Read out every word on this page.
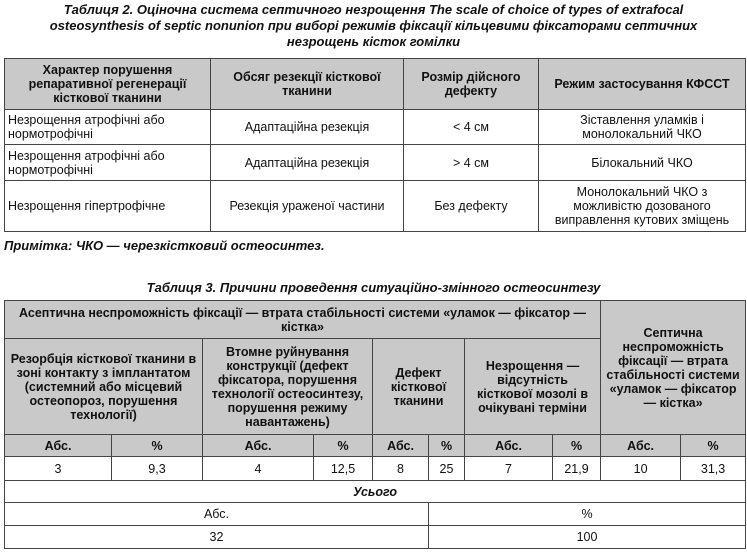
Таблиця 2. Оціночна система септичного незрощення The scale of choice of types of extrafocal

osteosynthesis of septic nonunion при виборі режимів фіксації кільцевими фіксаторами септичних

незрощень кісток гомілки

Характер порушення репаративної регенерації кісткової тканини	Обсяг резекції кісткової тканини	Розмір дійсного дефекту	Режим застосування КФССТ
Незрощення атрофічні або нормотрофічні	Адаптаційна резекція	< 4 см	Зіставлення уламків і монолокальний ЧКО
Незрощення атрофічні або нормотрофічні	Адаптаційна резекція	> 4 см	Білокальний ЧКО
Незрощення гіпертрофічне	Резекція ураженої частини	Без дефекту	Монолокальний ЧКО з можливістю дозованого виправлення кутових зміщень
Примітка: ЧКО — черезкістковий остеосинтез.

Таблиця 3. Причини проведення ситуаційно-змінного остеосинтезу

Асептична неспроможність фіксації — втрата стабільності системи «уламок — фіксатор — кістка»								Септична неспроможність фіксації — втрата стабільності системи «уламок — фіксатор — кістка»	
Резорбція кісткової тканини в зоні контакту з імплантатом (системний або місцевий остеопороз, порушення технології)		Втомне руйнування конструкції (дефект фіксатора, порушення технології остеосинтезу, порушення режиму навантажень)		Дефект кісткової тканини		Незрощення — відсутність кісткової мозолі в очікувані терміни			
Абс.	%	Абс.	%	Абс.	%	Абс.	%	Абс.	%
3	9,3	4	12,5	8	25	7	21,9	10	31,3
Усього									
Абс.					%				
32					100				
